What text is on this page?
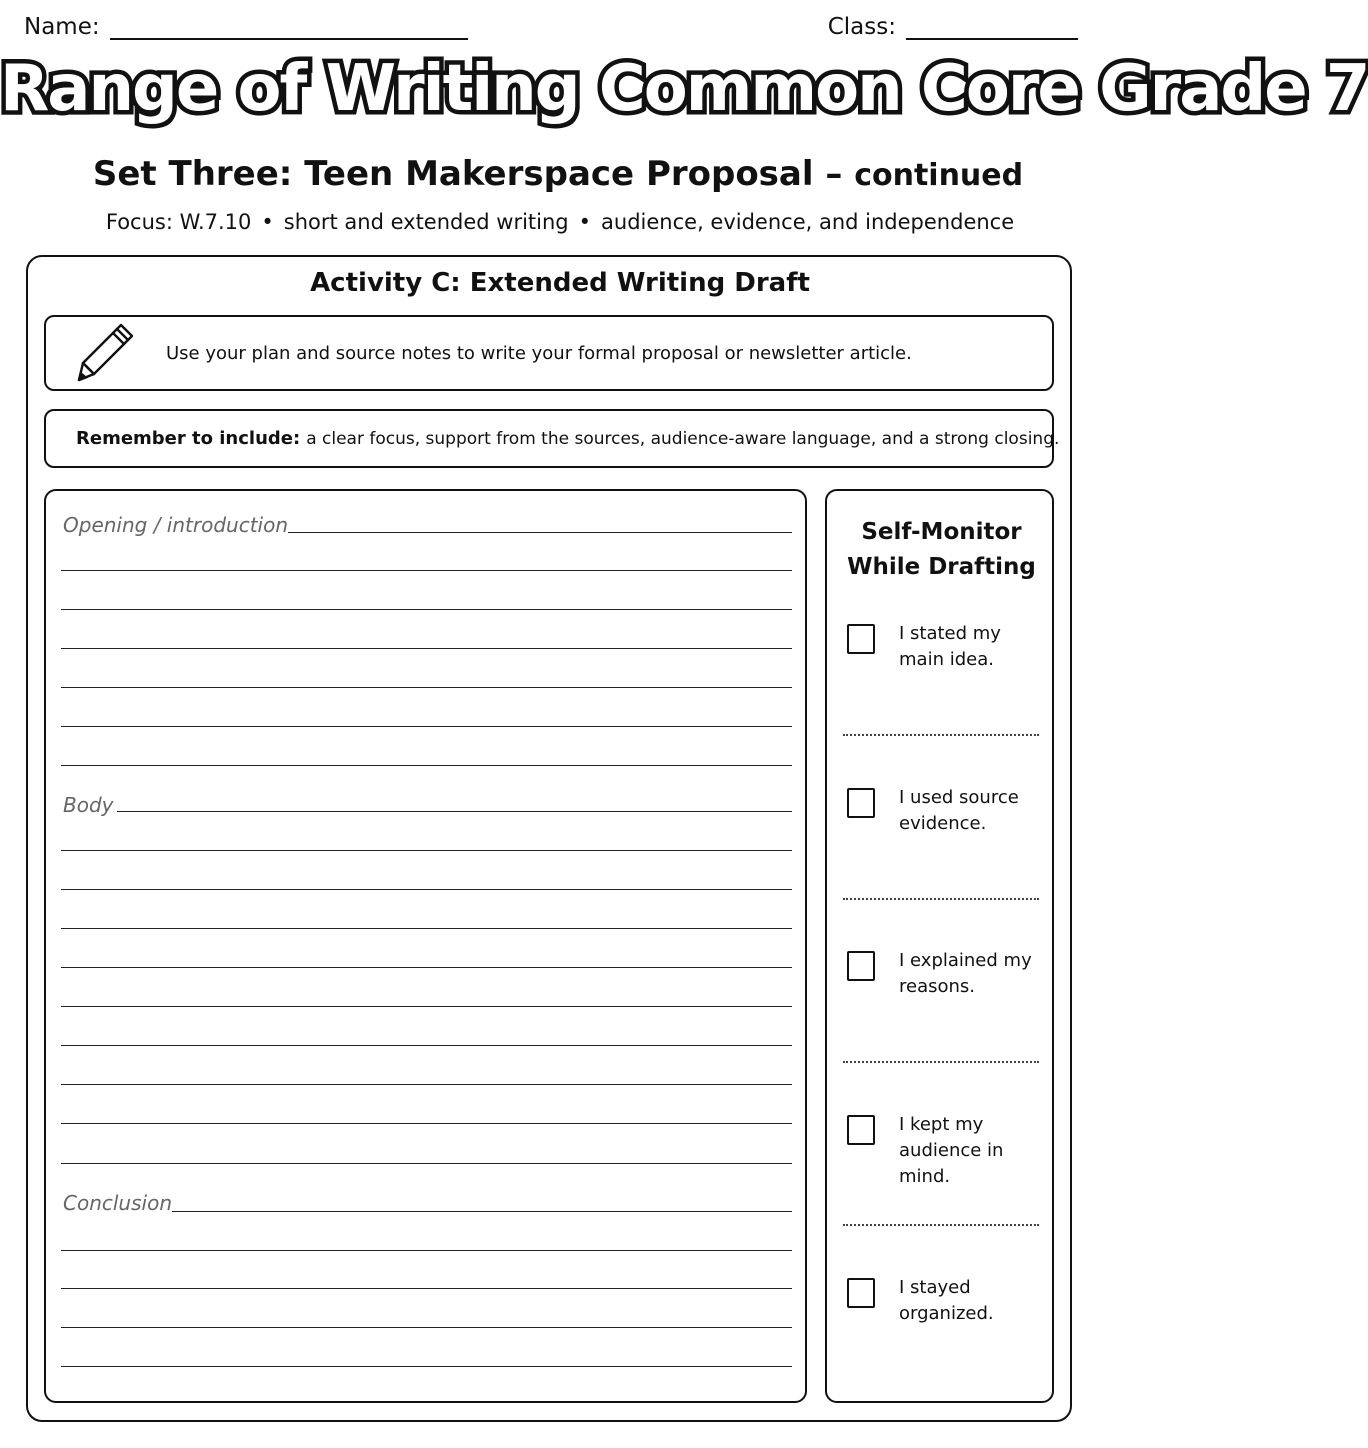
Name:	Class:
Range of Writing Common Core Grade 7
Set Three: Teen Makerspace Proposal – continued
Focus: W.7.10 • short and extended writing • audience, evidence, and independence
Activity C: Extended Writing Draft
Use your plan and source notes to write your formal proposal or newsletter article.
Remember to include: a clear focus, support from the sources, audience-aware language, and a strong closing.
Opening / introduction
Body
Conclusion
Self-Monitor While Drafting
I stated my main idea.
I used source evidence.
I explained my reasons.
I kept my audience in mind.
I stayed organized.
